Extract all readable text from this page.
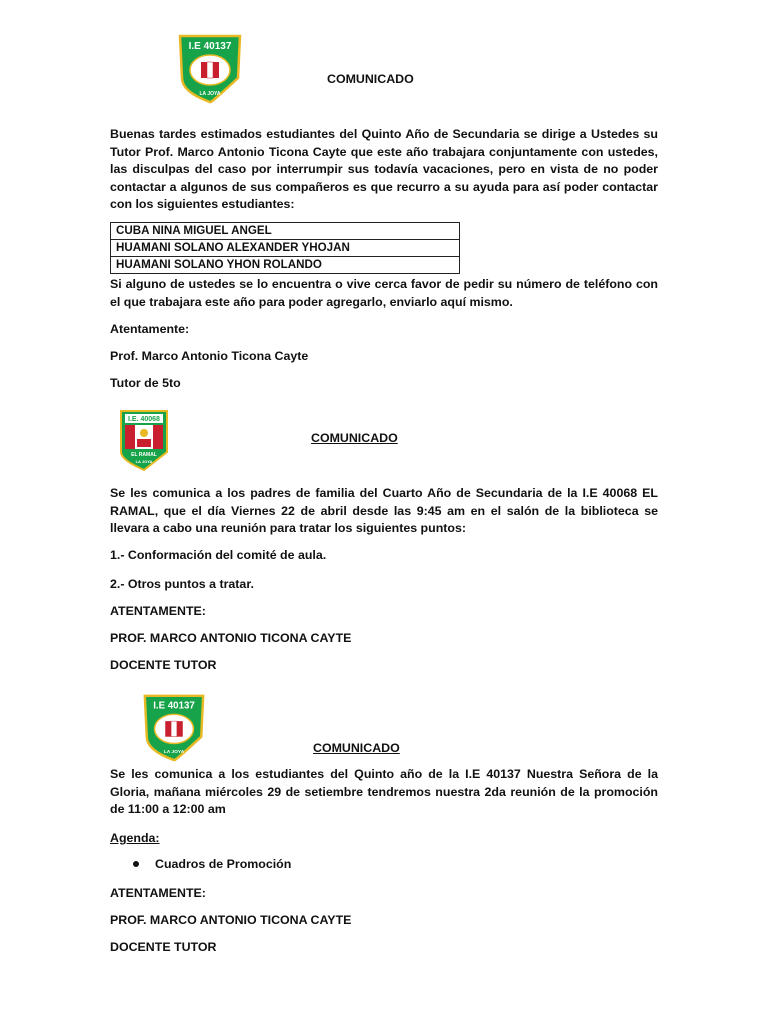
I.E 40137
LA JOYA
COMUNICADO
Buenas tardes estimados estudiantes del Quinto Año de Secundaria se dirige a Ustedes su Tutor Prof. Marco Antonio Ticona Cayte que este año trabajara conjuntamente con ustedes, las disculpas del caso por interrumpir sus todavía vacaciones, pero en vista de no poder contactar a algunos de sus compañeros es que recurro a su ayuda para así poder contactar con los siguientes estudiantes:
CUBA NINA MIGUEL ANGEL
HUAMANI SOLANO ALEXANDER YHOJAN
HUAMANI SOLANO YHON ROLANDO
Si alguno de ustedes se lo encuentra o vive cerca favor de pedir su número de teléfono con el que trabajara este año para poder agregarlo, enviarlo aquí mismo.
Atentamente:
Prof. Marco Antonio Ticona Cayte
Tutor de 5to
I.E. 40068
EL RAMAL
LA JOYA
COMUNICADO
Se les comunica a los padres de familia del Cuarto Año de Secundaria de la I.E 40068 EL RAMAL, que el día Viernes 22 de abril desde las 9:45 am en el salón de la biblioteca se llevara a cabo una reunión para tratar los siguientes puntos:
1.- Conformación del comité de aula.
2.- Otros puntos a tratar.
ATENTAMENTE:
PROF. MARCO ANTONIO TICONA CAYTE
DOCENTE TUTOR
I.E 40137
LA JOYA	COMUNICADO
Se les comunica a los estudiantes del Quinto año de la I.E 40137 Nuestra Señora de la Gloria, mañana miércoles 29 de setiembre tendremos nuestra 2da reunión de la promoción de 11:00 a 12:00 am
Agenda:
Cuadros de Promoción
ATENTAMENTE:
PROF. MARCO ANTONIO TICONA CAYTE
DOCENTE TUTOR
